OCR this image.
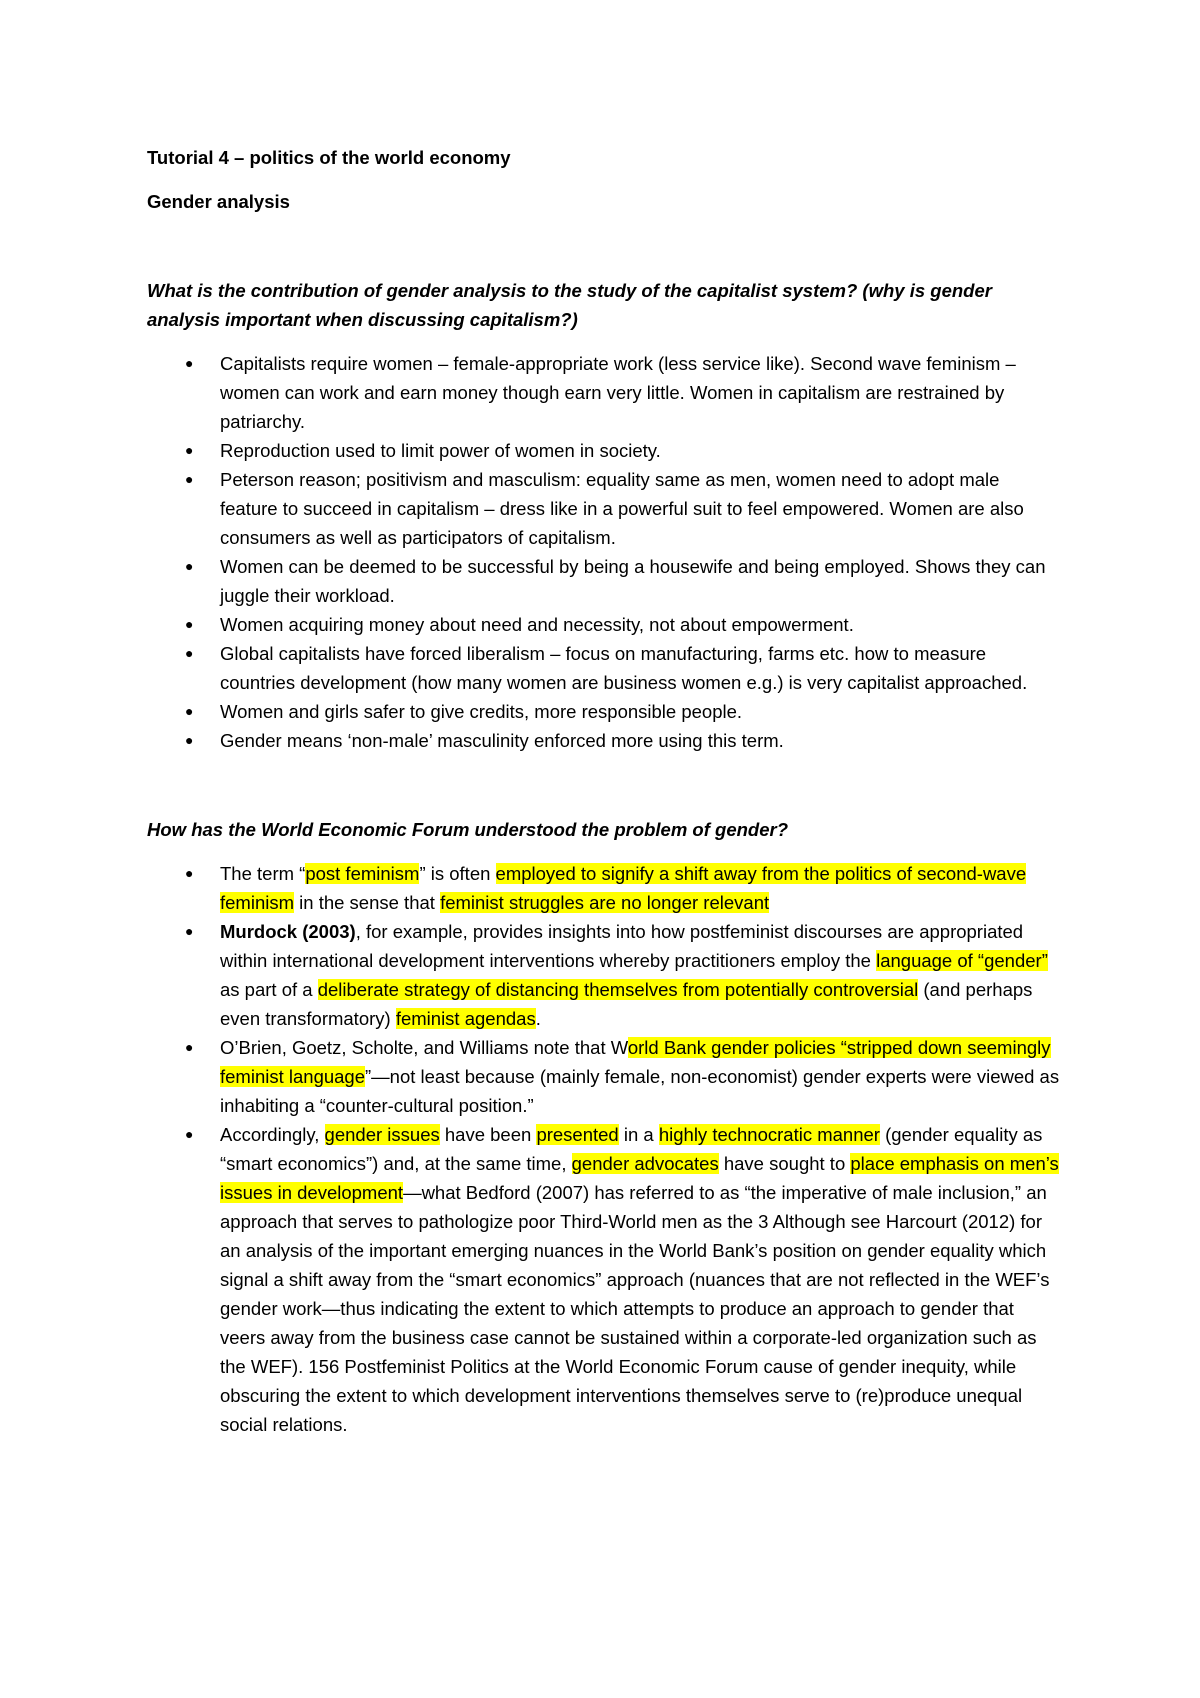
Tutorial 4 – politics of the world economy

Gender analysis

What is the contribution of gender analysis to the study of the capitalist system? (why is gender analysis important when discussing capitalism?)

● Capitalists require women – female-appropriate work (less service like). Second wave feminism – women can work and earn money though earn very little. Women in capitalism are restrained by patriarchy.
● Reproduction used to limit power of women in society.
● Peterson reason; positivism and masculism: equality same as men, women need to adopt male feature to succeed in capitalism – dress like in a powerful suit to feel empowered. Women are also consumers as well as participators of capitalism.
● Women can be deemed to be successful by being a housewife and being employed. Shows they can juggle their workload.
● Women acquiring money about need and necessity, not about empowerment.
● Global capitalists have forced liberalism – focus on manufacturing, farms etc. how to measure countries development (how many women are business women e.g.) is very capitalist approached.
● Women and girls safer to give credits, more responsible people.
● Gender means ‘non-male’ masculinity enforced more using this term.

How has the World Economic Forum understood the problem of gender?

● The term “post feminism” is often employed to signify a shift away from the politics of second-wave feminism in the sense that feminist struggles are no longer relevant
● Murdock (2003), for example, provides insights into how postfeminist discourses are appropriated within international development interventions whereby practitioners employ the language of “gender” as part of a deliberate strategy of distancing themselves from potentially controversial (and perhaps even transformatory) feminist agendas.
● O’Brien, Goetz, Scholte, and Williams note that World Bank gender policies “stripped down seemingly feminist language”—not least because (mainly female, non-economist) gender experts were viewed as inhabiting a “counter-cultural position.”
● Accordingly, gender issues have been presented in a highly technocratic manner (gender equality as “smart economics”) and, at the same time, gender advocates have sought to place emphasis on men’s issues in development—what Bedford (2007) has referred to as “the imperative of male inclusion,” an approach that serves to pathologize poor Third-World men as the 3 Although see Harcourt (2012) for an analysis of the important emerging nuances in the World Bank’s position on gender equality which signal a shift away from the “smart economics” approach (nuances that are not reflected in the WEF’s gender work—thus indicating the extent to which attempts to produce an approach to gender that veers away from the business case cannot be sustained within a corporate-led organization such as the WEF). 156 Postfeminist Politics at the World Economic Forum cause of gender inequity, while obscuring the extent to which development interventions themselves serve to (re)produce unequal social relations.
